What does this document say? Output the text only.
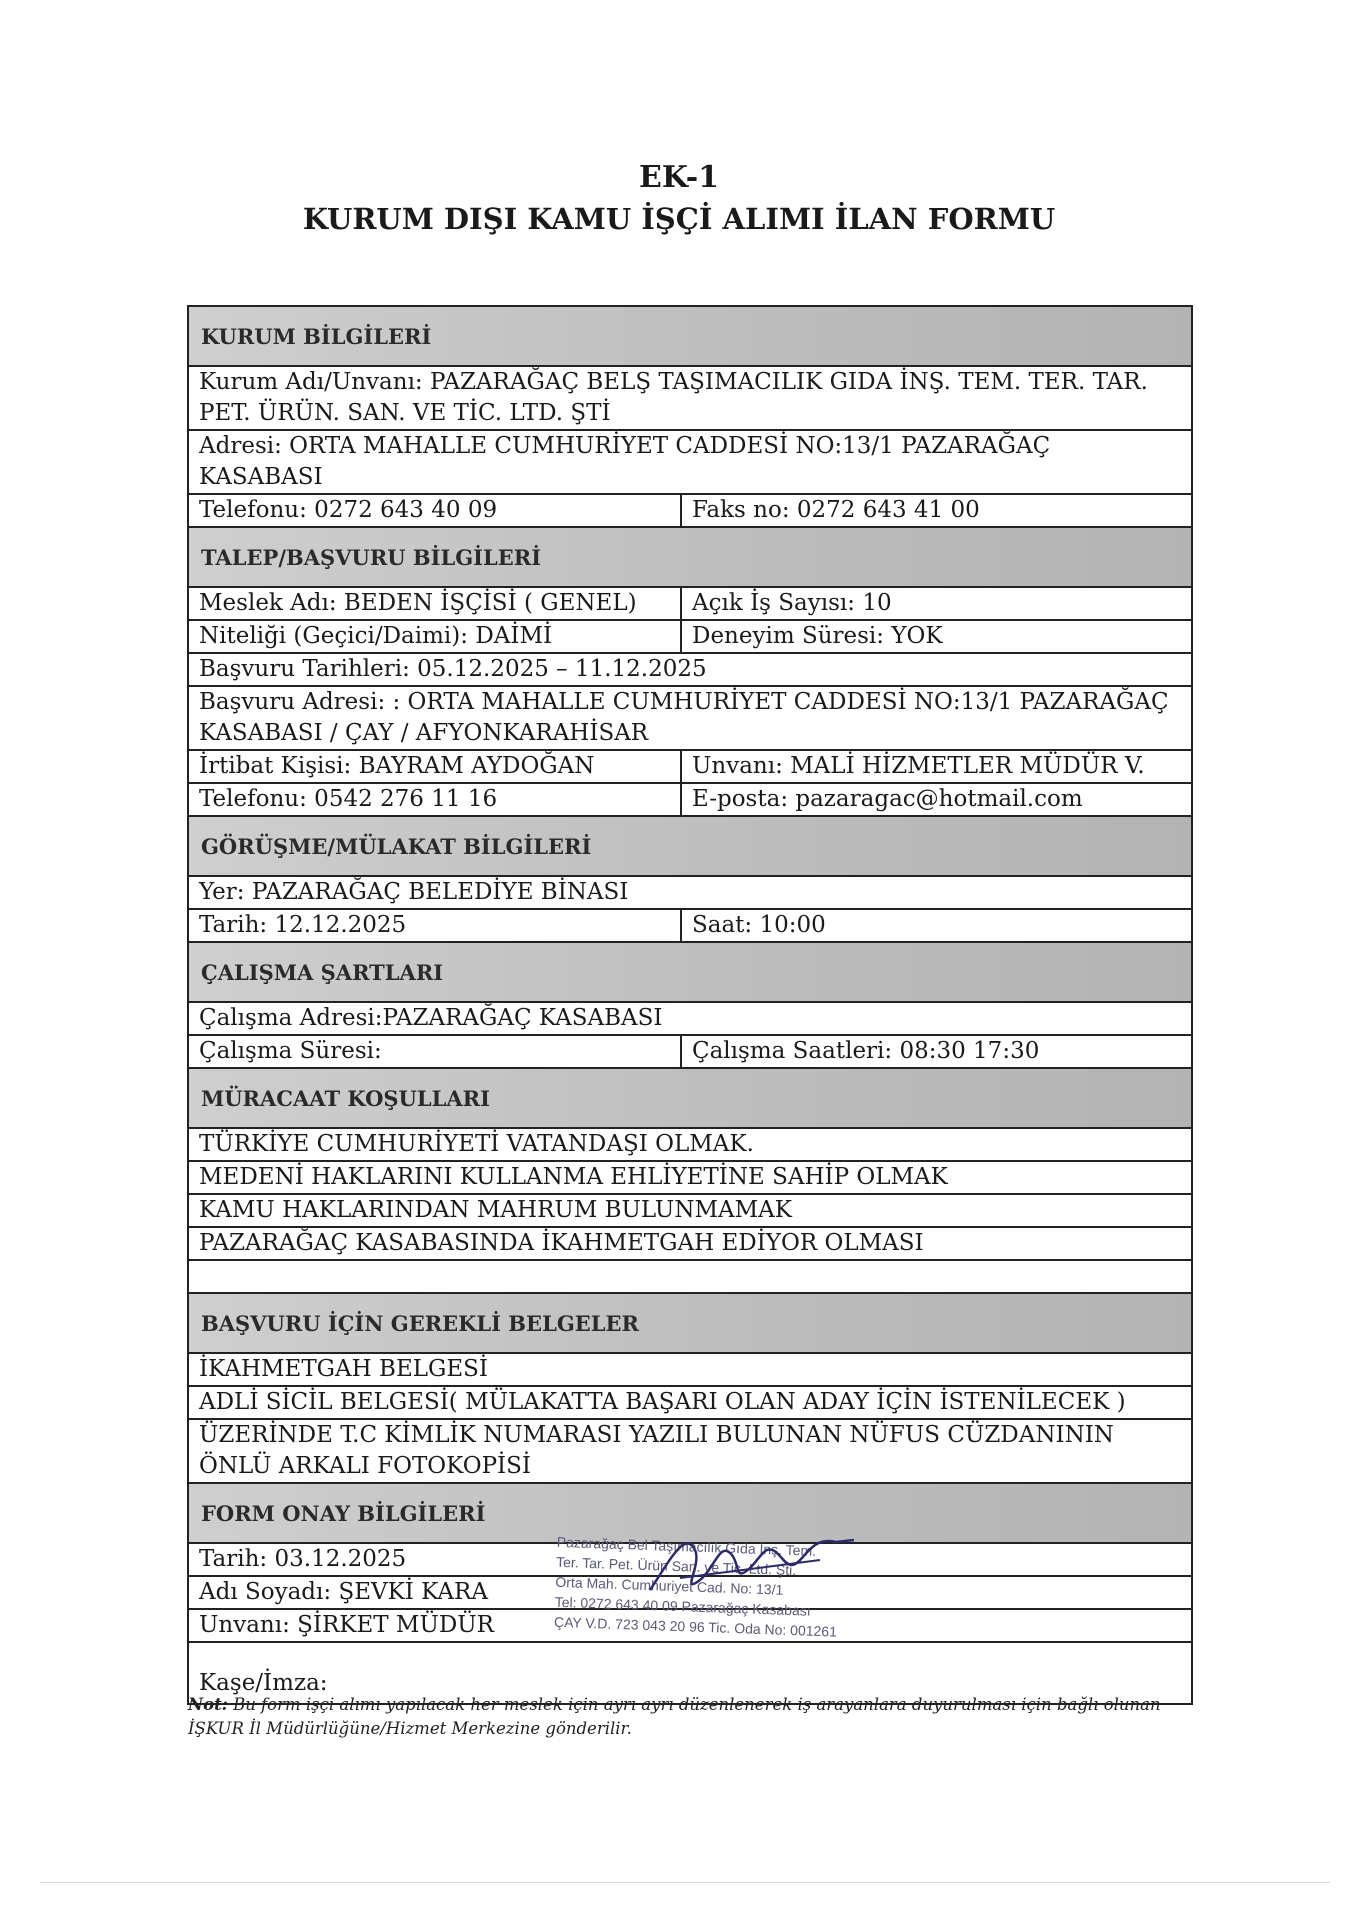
EK-1
KURUM DIŞI KAMU İŞÇİ ALIMI İLAN FORMU
KURUM BİLGİLERİ
Kurum Adı/Unvanı: PAZARAĞAÇ BELŞ TAŞIMACILIK GIDA İNŞ. TEM. TER. TAR. PET. ÜRÜN. SAN. VE TİC. LTD. ŞTİ
Adresi: ORTA MAHALLE CUMHURİYET CADDESİ NO:13/1 PAZARAĞAÇ KASABASI
Telefonu: 0272 643 40 09	Faks no: 0272 643 41 00
TALEP/BAŞVURU BİLGİLERİ
Meslek Adı: BEDEN İŞÇİSİ ( GENEL)	Açık İş Sayısı: 10
Niteliği (Geçici/Daimi): DAİMİ	Deneyim Süresi: YOK
Başvuru Tarihleri: 05.12.2025 – 11.12.2025
Başvuru Adresi: : ORTA MAHALLE CUMHURİYET CADDESİ NO:13/1 PAZARAĞAÇ KASABASI / ÇAY / AFYONKARAHİSAR
İrtibat Kişisi: BAYRAM AYDOĞAN	Unvanı: MALİ HİZMETLER MÜDÜR V.
Telefonu: 0542 276 11 16	E-posta: pazaragac@hotmail.com
GÖRÜŞME/MÜLAKAT BİLGİLERİ
Yer: PAZARAĞAÇ BELEDİYE BİNASI
Tarih: 12.12.2025	Saat: 10:00
ÇALIŞMA ŞARTLARI
Çalışma Adresi:PAZARAĞAÇ KASABASI
Çalışma Süresi:	Çalışma Saatleri: 08:30 17:30
MÜRACAAT KOŞULLARI
TÜRKİYE CUMHURİYETİ VATANDAŞI OLMAK.
MEDENİ HAKLARINI KULLANMA EHLİYETİNE SAHİP OLMAK
KAMU HAKLARINDAN MAHRUM BULUNMAMAK
PAZARAĞAÇ KASABASINDA İKAHMETGAH EDİYOR OLMASI
BAŞVURU İÇİN GEREKLİ BELGELER
İKAHMETGAH BELGESİ
ADLİ SİCİL BELGESİ( MÜLAKATTA BAŞARI OLAN ADAY İÇİN İSTENİLECEK )
ÜZERİNDE T.C KİMLİK NUMARASI YAZILI BULUNAN NÜFUS CÜZDANININ ÖNLÜ ARKALI FOTOKOPİSİ
FORM ONAY BİLGİLERİ
Tarih: 03.12.2025
Adı Soyadı: ŞEVKİ KARA
Unvanı: ŞİRKET MÜDÜR
Kaşe/İmza:
Pazarağaç Bel Taşımacılık Gıda İnş. Tem.
Ter. Tar. Pet. Ürün San. ve Tic. Ltd. Şti.
Orta Mah. Cumhuriyet Cad. No: 13/1
Tel: 0272 643 40 09 Pazarağaç Kasabası
ÇAY V.D. 723 043 20 96 Tic. Oda No: 001261
Not: Bu form işçi alımı yapılacak her meslek için ayrı ayrı düzenlenerek iş arayanlara duyurulması için bağlı olunan İŞKUR İl Müdürlüğüne/Hizmet Merkezine gönderilir.
